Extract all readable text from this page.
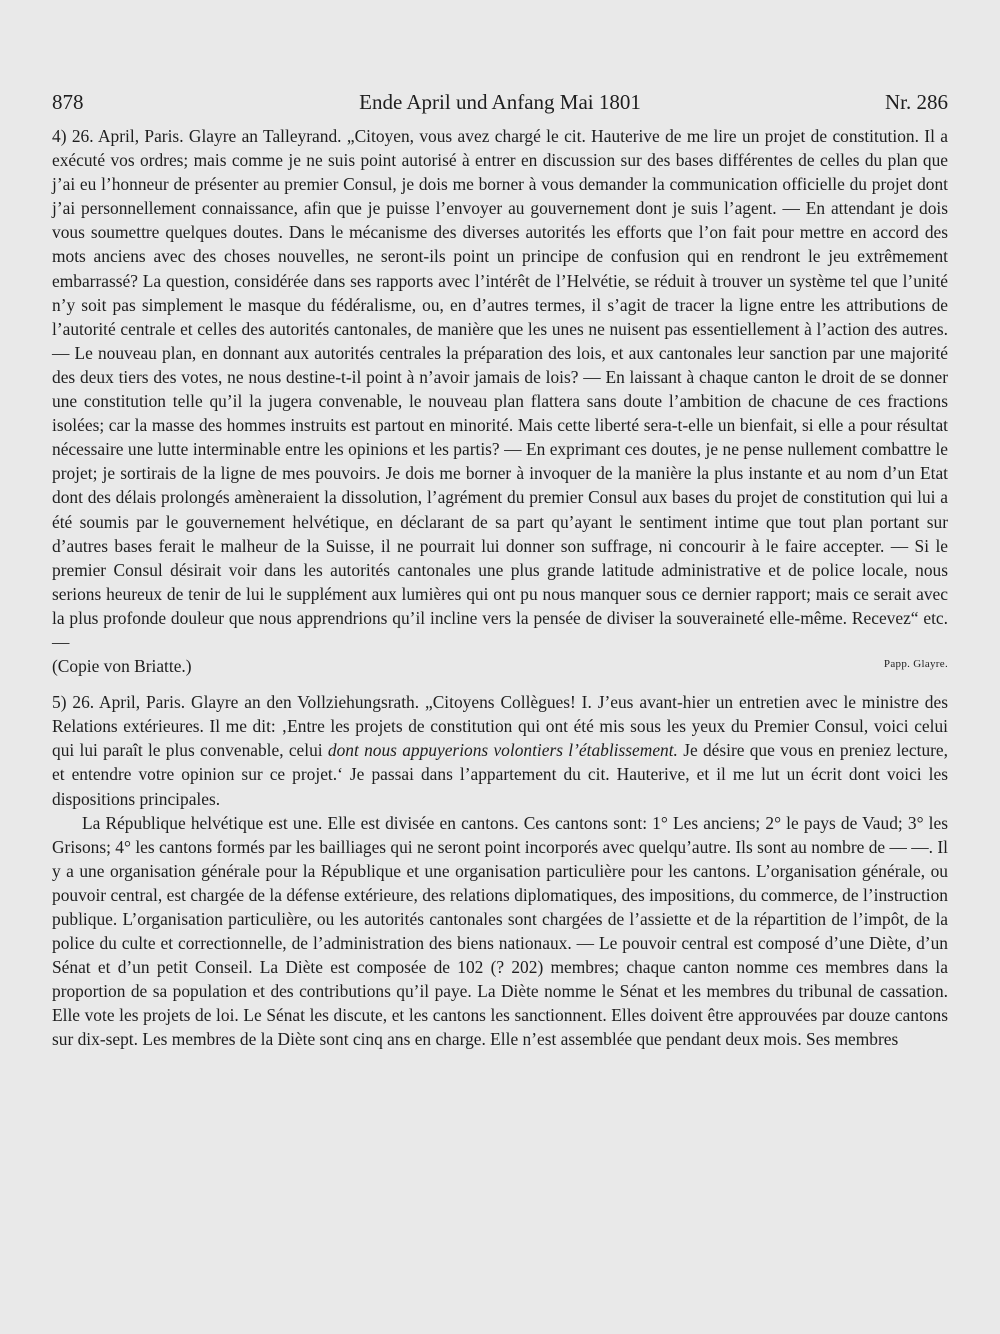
878	Ende April und Anfang Mai 1801	Nr. 286

4) 26. April, Paris. Glayre an Talleyrand. „Citoyen, vous avez chargé le cit. Hauterive de me lire un projet de constitution. Il a exécuté vos ordres; mais comme je ne suis point autorisé à entrer en discussion sur des bases différentes de celles du plan que j’ai eu l’honneur de présenter au premier Consul, je dois me borner à vous demander la communication officielle du projet dont j’ai personnellement connaissance, afin que je puisse l’envoyer au gouvernement dont je suis l’agent. — En attendant je dois vous soumettre quelques doutes. Dans le mécanisme des diverses autorités les efforts que l’on fait pour mettre en accord des mots anciens avec des choses nouvelles, ne seront-ils point un principe de confusion qui en rendront le jeu extrêmement embarrassé? La question, considérée dans ses rapports avec l’intérêt de l’Helvétie, se réduit à trouver un système tel que l’unité n’y soit pas simplement le masque du fédéralisme, ou, en d’autres termes, il s’agit de tracer la ligne entre les attributions de l’autorité centrale et celles des autorités cantonales, de manière que les unes ne nuisent pas essentiellement à l’action des autres. — Le nouveau plan, en donnant aux autorités centrales la préparation des lois, et aux cantonales leur sanction par une majorité des deux tiers des votes, ne nous destine-t-il point à n’avoir jamais de lois? — En laissant à chaque canton le droit de se donner une constitution telle qu’il la jugera convenable, le nouveau plan flattera sans doute l’ambition de chacune de ces fractions isolées; car la masse des hommes instruits est partout en minorité. Mais cette liberté sera-t-elle un bienfait, si elle a pour résultat nécessaire une lutte interminable entre les opinions et les partis? — En exprimant ces doutes, je ne pense nullement combattre le projet; je sortirais de la ligne de mes pouvoirs. Je dois me borner à invoquer de la manière la plus instante et au nom d’un Etat dont des délais prolongés amèneraient la dissolution, l’agrément du premier Consul aux bases du projet de constitution qui lui a été soumis par le gouvernement helvétique, en déclarant de sa part qu’ayant le sentiment intime que tout plan portant sur d’autres bases ferait le malheur de la Suisse, il ne pourrait lui donner son suffrage, ni concourir à le faire accepter. — Si le premier Consul désirait voir dans les autorités cantonales une plus grande latitude administrative et de police locale, nous serions heureux de tenir de lui le supplément aux lumières qui ont pu nous manquer sous ce dernier rapport; mais ce serait avec la plus profonde douleur que nous apprendrions qu’il incline vers la pensée de diviser la souveraineté elle-même. Recevez“ etc. —

(Copie von Briatte.)	Papp. Glayre.

5) 26. April, Paris. Glayre an den Vollziehungsrath. „Citoyens Collègues! I. J’eus avant-hier un entretien avec le ministre des Relations extérieures. Il me dit: ‚Entre les projets de constitution qui ont été mis sous les yeux du Premier Consul, voici celui qui lui paraît le plus convenable, celui dont nous appuyerions volontiers l’établissement. Je désire que vous en preniez lecture, et entendre votre opinion sur ce projet.‘ Je passai dans l’appartement du cit. Hauterive, et il me lut un écrit dont voici les dispositions principales.

La République helvétique est une. Elle est divisée en cantons. Ces cantons sont: 1° Les anciens; 2° le pays de Vaud; 3° les Grisons; 4° les cantons formés par les bailliages qui ne seront point incorporés avec quelqu’autre. Ils sont au nombre de — —. Il y a une organisation générale pour la République et une organisation particulière pour les cantons. L’organisation générale, ou pouvoir central, est chargée de la défense extérieure, des relations diplomatiques, des impositions, du commerce, de l’instruction publique. L’organisation particulière, ou les autorités cantonales sont chargées de l’assiette et de la répartition de l’impôt, de la police du culte et correctionnelle, de l’administration des biens nationaux. — Le pouvoir central est composé d’une Diète, d’un Sénat et d’un petit Conseil. La Diète est composée de 102 (? 202) membres; chaque canton nomme ces membres dans la proportion de sa population et des contributions qu’il paye. La Diète nomme le Sénat et les membres du tribunal de cassation. Elle vote les projets de loi. Le Sénat les discute, et les cantons les sanctionnent. Elles doivent être approuvées par douze cantons sur dix-sept. Les membres de la Diète sont cinq ans en charge. Elle n’est assemblée que pendant deux mois. Ses membres
